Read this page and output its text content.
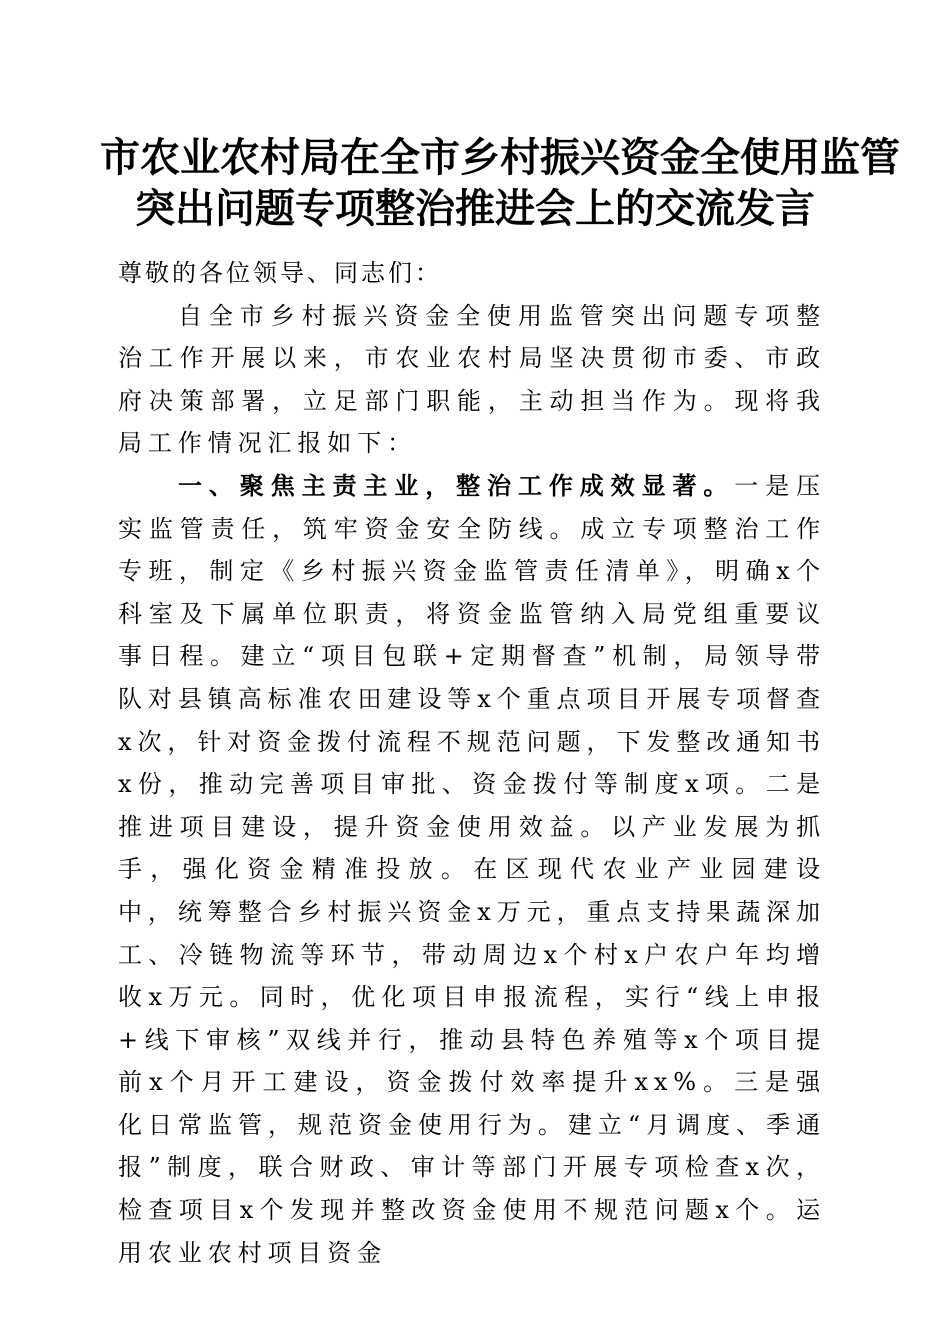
市农业农村局在全市乡村振兴资金全使用监管
突出问题专项整治推进会上的交流发言

尊敬的各位领导、同志们：

自全市乡村振兴资金全使用监管突出问题专项整治工作开展以来，市农业农村局坚决贯彻市委、市政府决策部署，立足部门职能，主动担当作为。现将我局工作情况汇报如下：

一、聚焦主责主业，整治工作成效显著。一是压实监管责任，筑牢资金安全防线。成立专项整治工作专班，制定《乡村振兴资金监管责任清单》，明确x个科室及下属单位职责，将资金监管纳入局党组重要议事日程。建立“项目包联+定期督查”机制，局领导带队对县镇高标准农田建设等x个重点项目开展专项督查x次，针对资金拨付流程不规范问题，下发整改通知书x份，推动完善项目审批、资金拨付等制度x项。二是推进项目建设，提升资金使用效益。以产业发展为抓手，强化资金精准投放。在区现代农业产业园建设中，统筹整合乡村振兴资金x万元，重点支持果蔬深加工、冷链物流等环节，带动周边x个村x户农户年均增收x万元。同时，优化项目申报流程，实行“线上申报+线下审核”双线并行，推动县特色养殖等x个项目提前x个月开工建设，资金拨付效率提升xx%。三是强化日常监管，规范资金使用行为。建立“月调度、季通报”制度，联合财政、审计等部门开展专项检查x次，检查项目x个发现并整改资金使用不规范问题x个。运用农业农村项目资金
